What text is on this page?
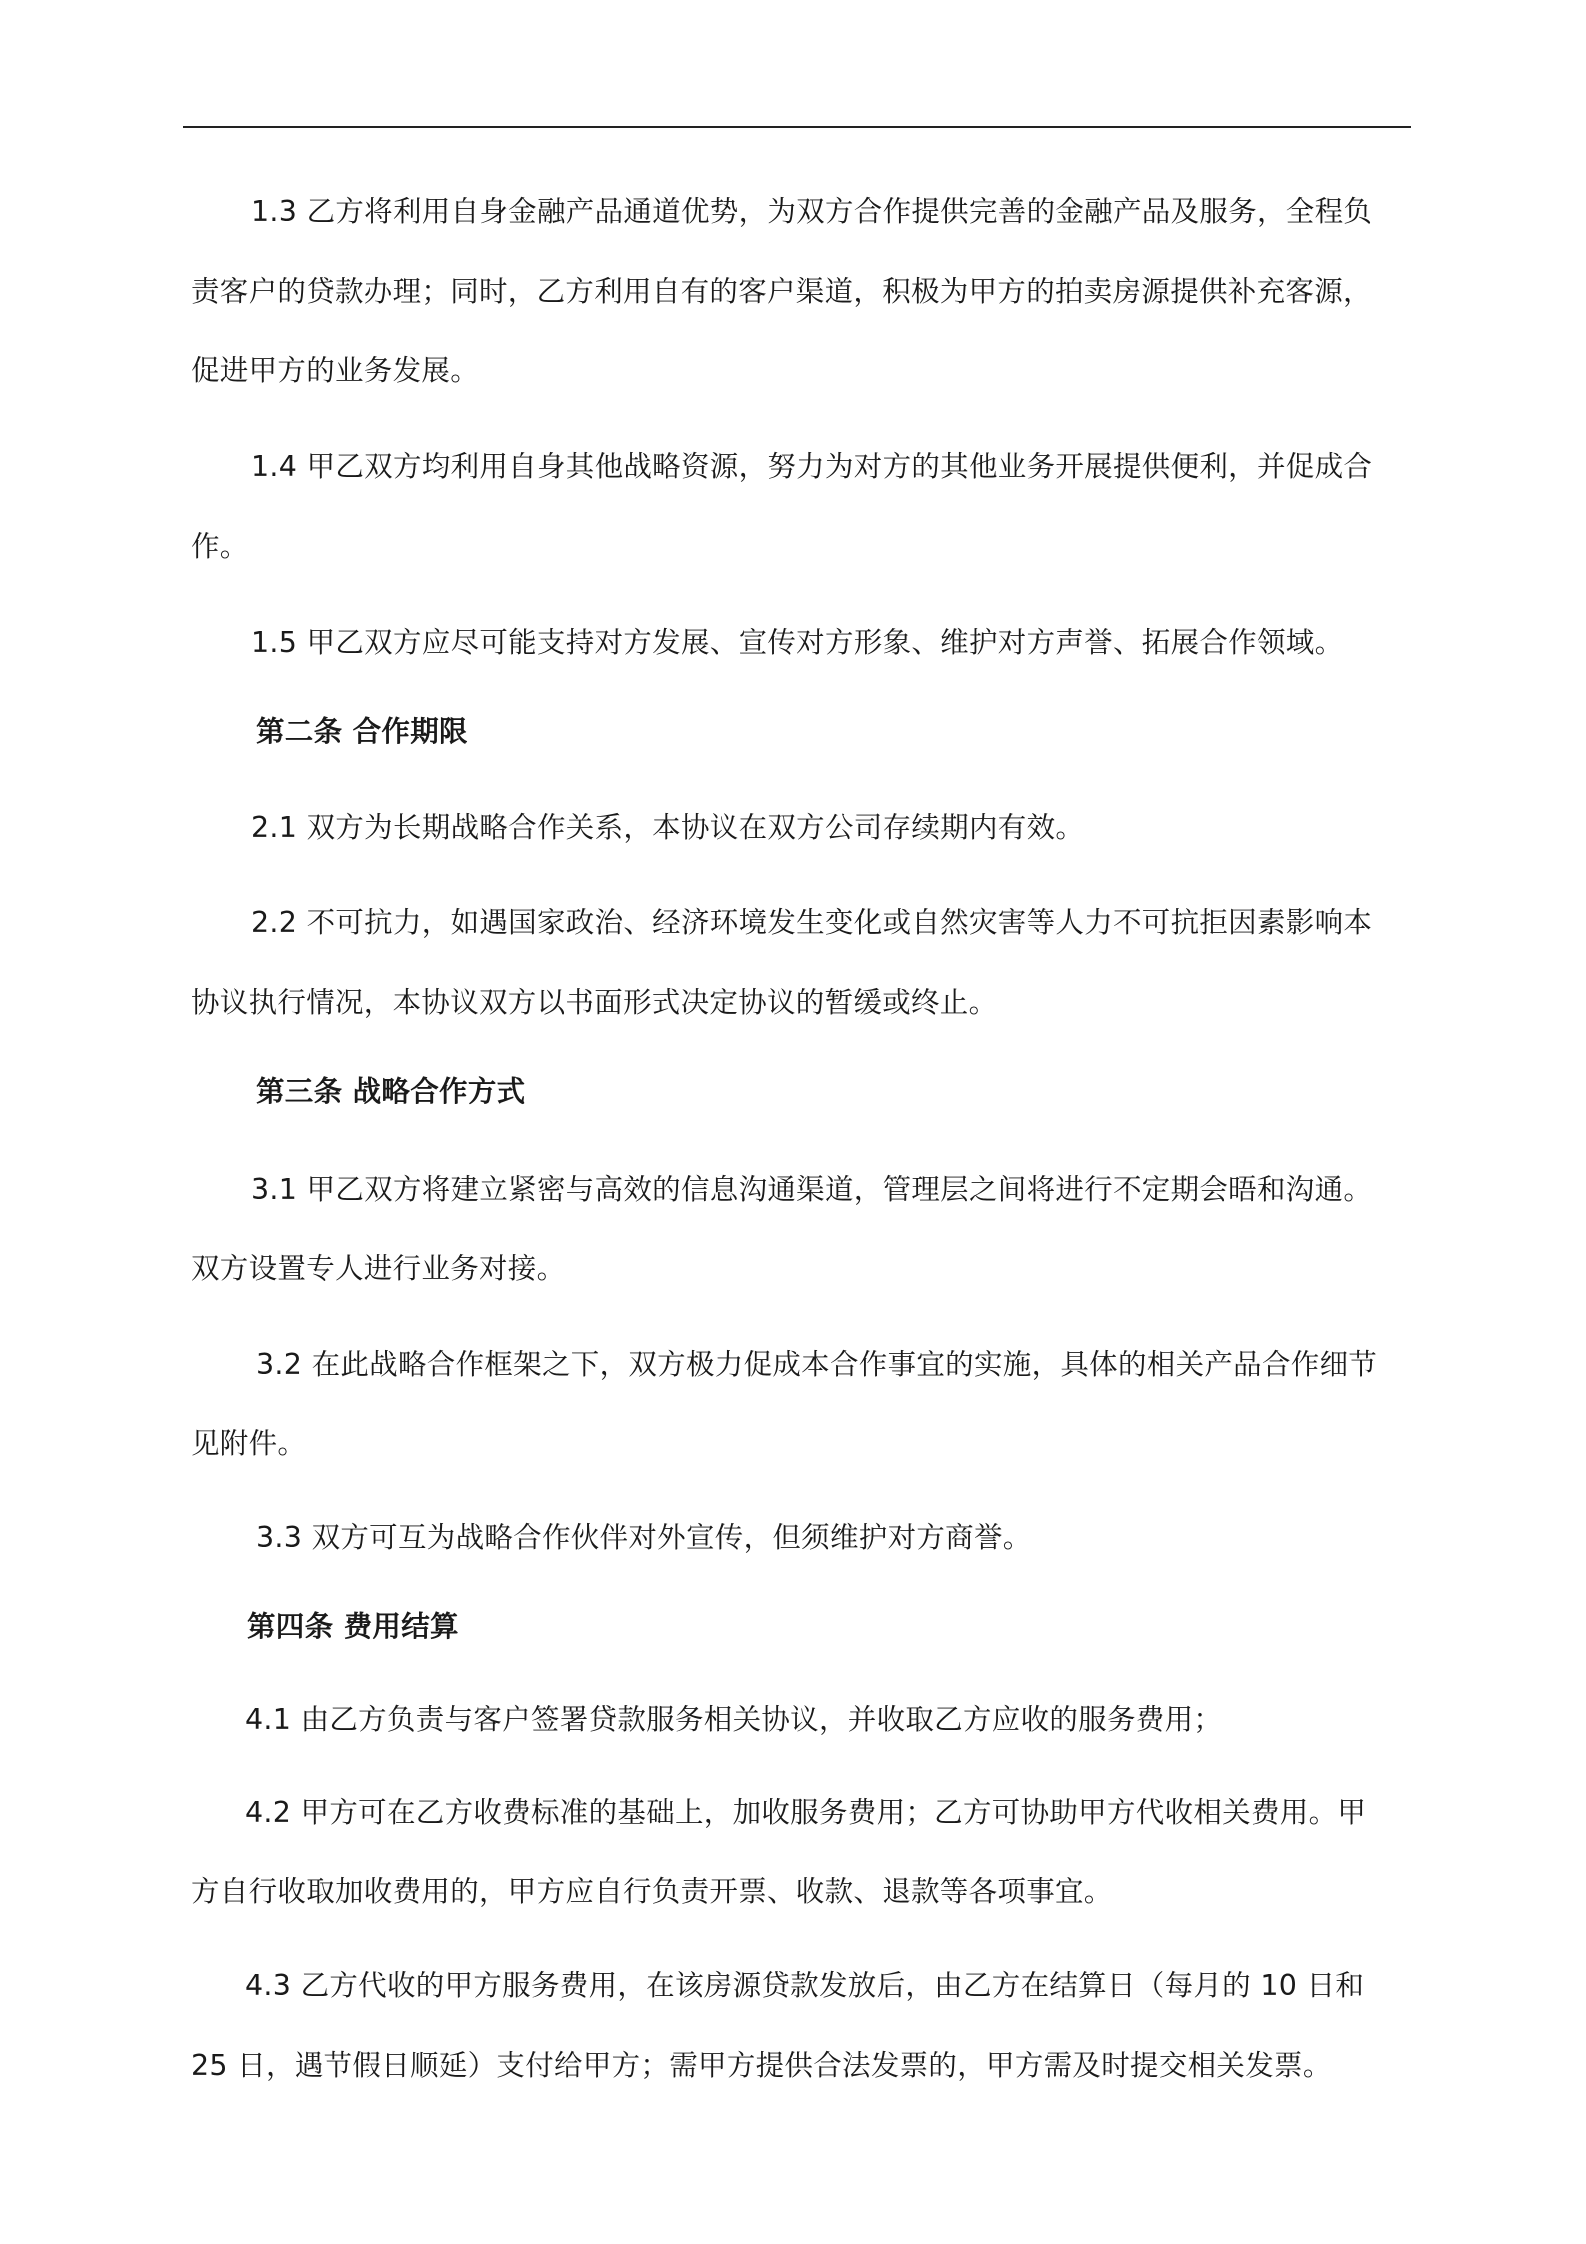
1.3 乙方将利用自身金融产品通道优势，为双方合作提供完善的金融产品及服务，全程负
责客户的贷款办理；同时，乙方利用自有的客户渠道，积极为甲方的拍卖房源提供补充客源，
促进甲方的业务发展。
1.4 甲乙双方均利用自身其他战略资源，努力为对方的其他业务开展提供便利，并促成合
作。
1.5 甲乙双方应尽可能支持对方发展、宣传对方形象、维护对方声誉、拓展合作领域。
第二条 合作期限
2.1 双方为长期战略合作关系，本协议在双方公司存续期内有效。
2.2 不可抗力，如遇国家政治、经济环境发生变化或自然灾害等人力不可抗拒因素影响本
协议执行情况，本协议双方以书面形式决定协议的暂缓或终止。
第三条 战略合作方式
3.1 甲乙双方将建立紧密与高效的信息沟通渠道，管理层之间将进行不定期会晤和沟通。
双方设置专人进行业务对接。
3.2 在此战略合作框架之下，双方极力促成本合作事宜的实施，具体的相关产品合作细节
见附件。
3.3 双方可互为战略合作伙伴对外宣传，但须维护对方商誉。
第四条 费用结算
4.1 由乙方负责与客户签署贷款服务相关协议，并收取乙方应收的服务费用；
4.2 甲方可在乙方收费标准的基础上，加收服务费用；乙方可协助甲方代收相关费用。甲
方自行收取加收费用的，甲方应自行负责开票、收款、退款等各项事宜。
4.3 乙方代收的甲方服务费用，在该房源贷款发放后，由乙方在结算日（每月的 10 日和
25 日，遇节假日顺延）支付给甲方；需甲方提供合法发票的，甲方需及时提交相关发票。
